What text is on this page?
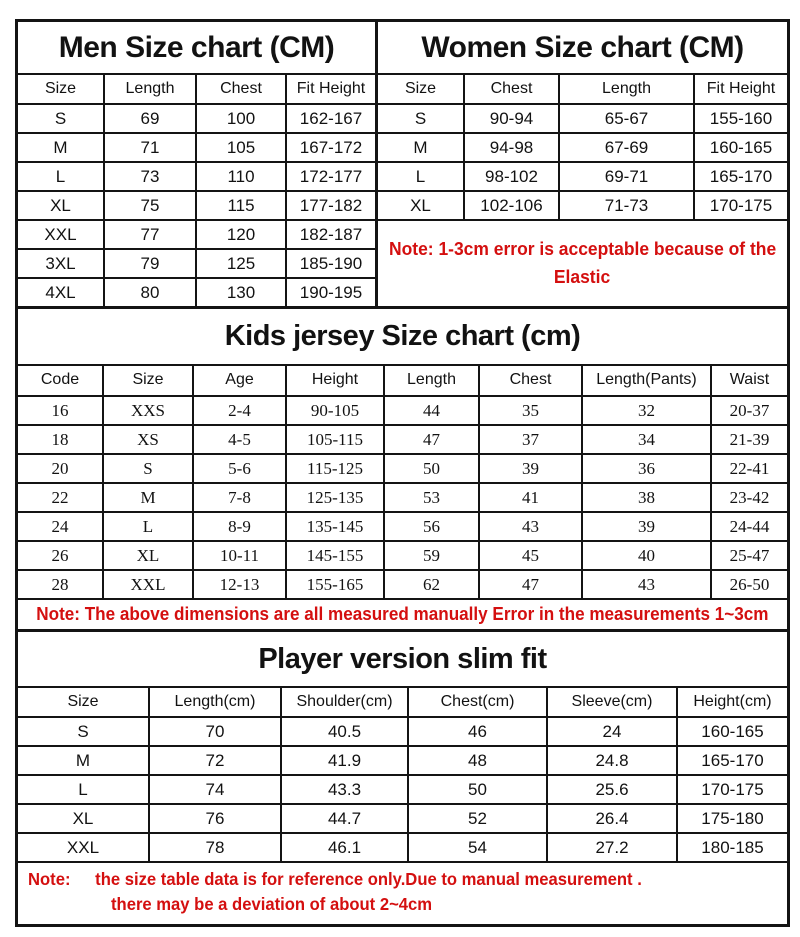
Men Size chart (CM)
Size	Length	Chest	Fit Height
S	69	100	162-167
M	71	105	167-172
L	73	110	172-177
XL	75	115	177-182
XXL	77	120	182-187
3XL	79	125	185-190
4XL	80	130	190-195
Women Size chart (CM)
Size	Chest	Length	Fit Height
S	90-94	65-67	155-160
M	94-98	67-69	160-165
L	98-102	69-71	165-170
XL	102-106	71-73	170-175
Note: 1-3cm error is acceptable because of the
Elastic
Kids jersey Size chart (cm)
Code	Size	Age	Height	Length	Chest	Length(Pants)	Waist
16	XXS	2-4	90-105	44	35	32	20-37
18	XS	4-5	105-115	47	37	34	21-39
20	S	5-6	115-125	50	39	36	22-41
22	M	7-8	125-135	53	41	38	23-42
24	L	8-9	135-145	56	43	39	24-44
26	XL	10-11	145-155	59	45	40	25-47
28	XXL	12-13	155-165	62	47	43	26-50
Note: The above dimensions are all measured manually Error in the measurements 1~3cm
Player version slim fit
Size	Length(cm)	Shoulder(cm)	Chest(cm)	Sleeve(cm)	Height(cm)
S	70	40.5	46	24	160-165
M	72	41.9	48	24.8	165-170
L	74	43.3	50	25.6	170-175
XL	76	44.7	52	26.4	175-180
XXL	78	46.1	54	27.2	180-185
Note: the size table data is for reference only.Due to manual measurement .
there may be a deviation of about 2~4cm
